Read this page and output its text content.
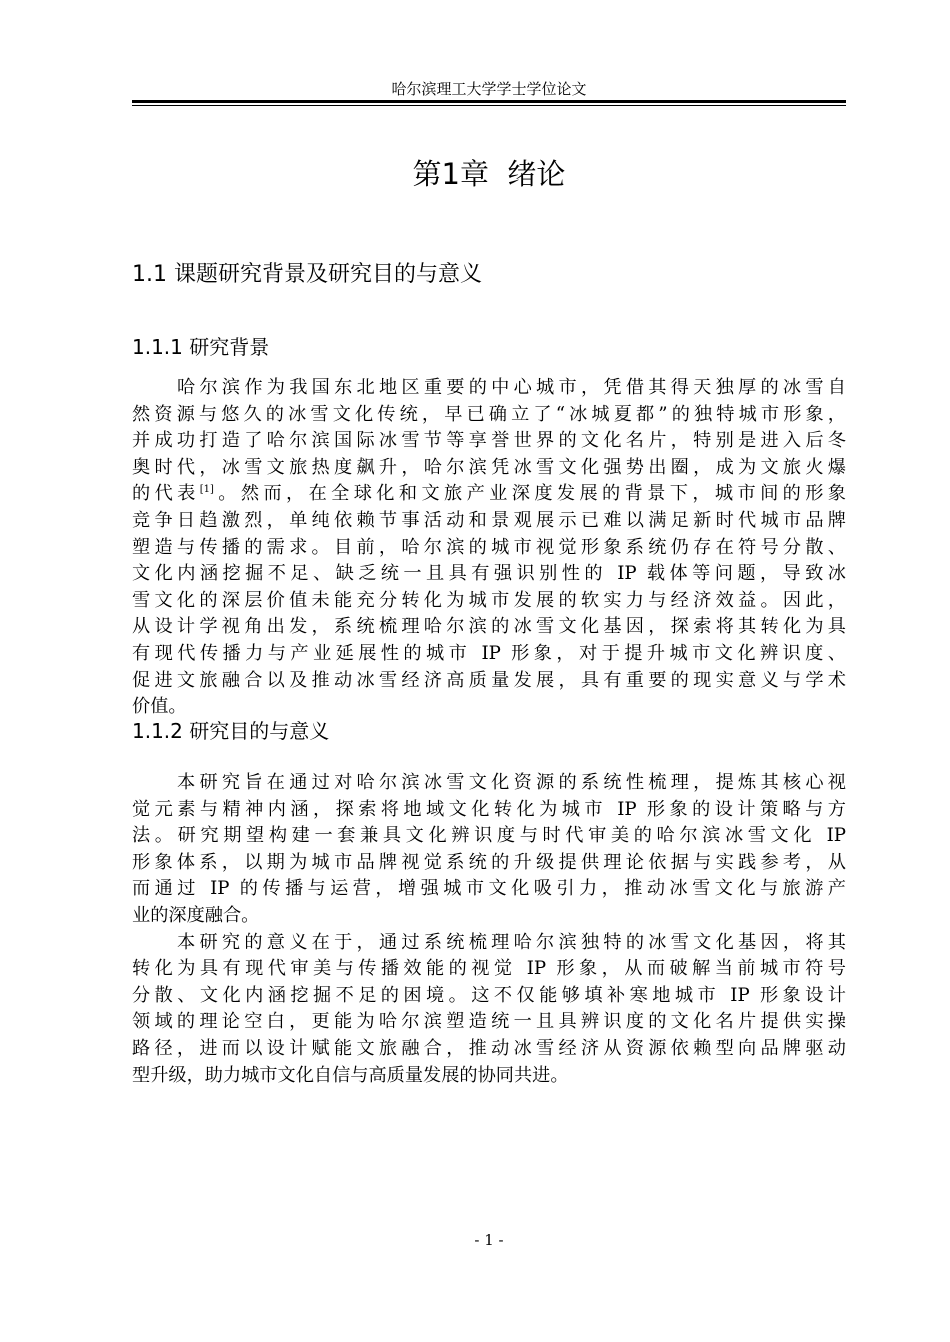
哈尔滨理工大学学士学位论文
第1章  绪论
1.1 课题研究背景及研究目的与意义
1.1.1 研究背景
哈尔滨作为我国东北地区重要的中心城市，凭借其得天独厚的冰雪自
然资源与悠久的冰雪文化传统，早已确立了“冰城夏都”的独特城市形象，
并成功打造了哈尔滨国际冰雪节等享誉世界的文化名片，特别是进入后冬
奥时代，冰雪文旅热度飙升，哈尔滨凭冰雪文化强势出圈，成为文旅火爆
的代表[1]。然而，在全球化和文旅产业深度发展的背景下，城市间的形象
竞争日趋激烈，单纯依赖节事活动和景观展示已难以满足新时代城市品牌
塑造与传播的需求。目前，哈尔滨的城市视觉形象系统仍存在符号分散、
文化内涵挖掘不足、缺乏统一且具有强识别性的 IP 载体等问题，导致冰
雪文化的深层价值未能充分转化为城市发展的软实力与经济效益。因此，
从设计学视角出发，系统梳理哈尔滨的冰雪文化基因，探索将其转化为具
有现代传播力与产业延展性的城市 IP 形象，对于提升城市文化辨识度、
促进文旅融合以及推动冰雪经济高质量发展，具有重要的现实意义与学术
价值。
1.1.2 研究目的与意义
本研究旨在通过对哈尔滨冰雪文化资源的系统性梳理，提炼其核心视
觉元素与精神内涵，探索将地域文化转化为城市 IP 形象的设计策略与方
法。研究期望构建一套兼具文化辨识度与时代审美的哈尔滨冰雪文化 IP
形象体系，以期为城市品牌视觉系统的升级提供理论依据与实践参考，从
而通过 IP 的传播与运营，增强城市文化吸引力，推动冰雪文化与旅游产
业的深度融合。
本研究的意义在于，通过系统梳理哈尔滨独特的冰雪文化基因，将其
转化为具有现代审美与传播效能的视觉 IP 形象，从而破解当前城市符号
分散、文化内涵挖掘不足的困境。这不仅能够填补寒地城市 IP 形象设计
领域的理论空白，更能为哈尔滨塑造统一且具辨识度的文化名片提供实操
路径，进而以设计赋能文旅融合，推动冰雪经济从资源依赖型向品牌驱动
型升级，助力城市文化自信与高质量发展的协同共进。
- 1 -
